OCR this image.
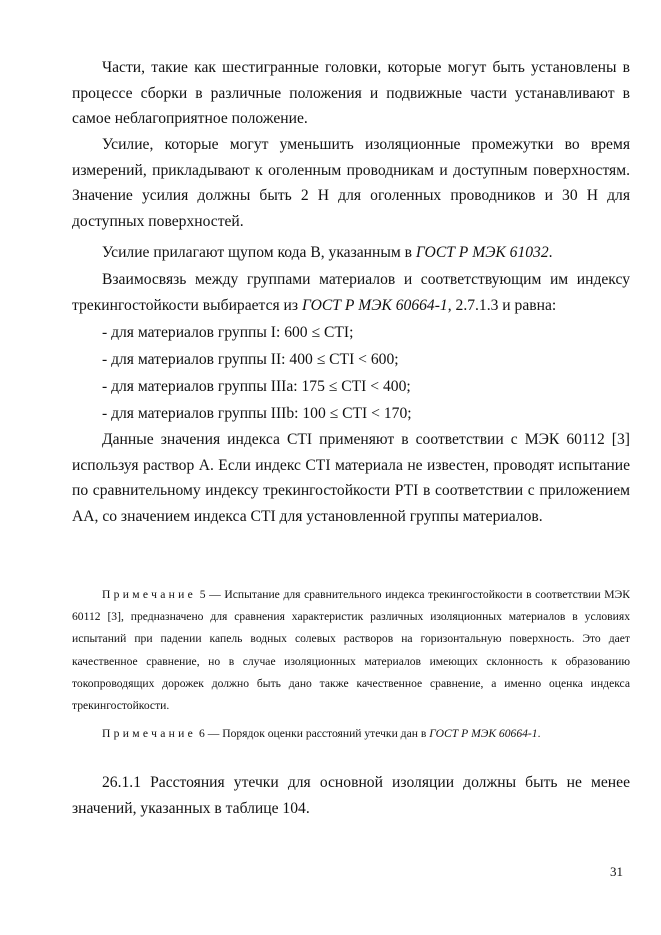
Части, такие как шестигранные головки, которые могут быть установлены в процессе сборки в различные положения и подвижные части устанавливают в самое неблагоприятное положение.

Усилие, которые могут уменьшить изоляционные промежутки во время измерений, прикладывают к оголенным проводникам и доступным поверхностям. Значение усилия должны быть 2 Н для оголенных проводников и 30 Н для доступных поверхностей.

Усилие прилагают щупом кода В, указанным в ГОСТ Р МЭК 61032.

Взаимосвязь между группами материалов и соответствующим им индексу трекингостойкости выбирается из ГОСТ Р МЭК 60664-1, 2.7.1.3 и равна:

- для материалов группы I: 600 ≤ СТI;

- для материалов группы II: 400 ≤ СТI < 600;

- для материалов группы IIIa: 175 ≤ СТI < 400;

- для материалов группы IIIb: 100 ≤ СТI < 170;

Данные значения индекса СТI применяют в соответствии с МЭК 60112 [3] используя раствор А. Если индекс СТI материала не известен, проводят испытание по сравнительному индексу трекингостойкости РТI в соответствии с приложением АА, со значением индекса СТI для установленной группы материалов.

Примечание 5 — Испытание для сравнительного индекса трекингостойкости в соответствии МЭК 60112 [3], предназначено для сравнения характеристик различных изоляционных материалов в условиях испытаний при падении капель водных солевых растворов на горизонтальную поверхность. Это дает качественное сравнение, но в случае изоляционных материалов имеющих склонность к образованию токопроводящих дорожек должно быть дано также качественное сравнение, а именно оценка индекса трекингостойкости.

Примечание 6 — Порядок оценки расстояний утечки дан в ГОСТ Р МЭК 60664-1.

26.1.1 Расстояния утечки для основной изоляции должны быть не менее значений, указанных в таблице 104.

31
